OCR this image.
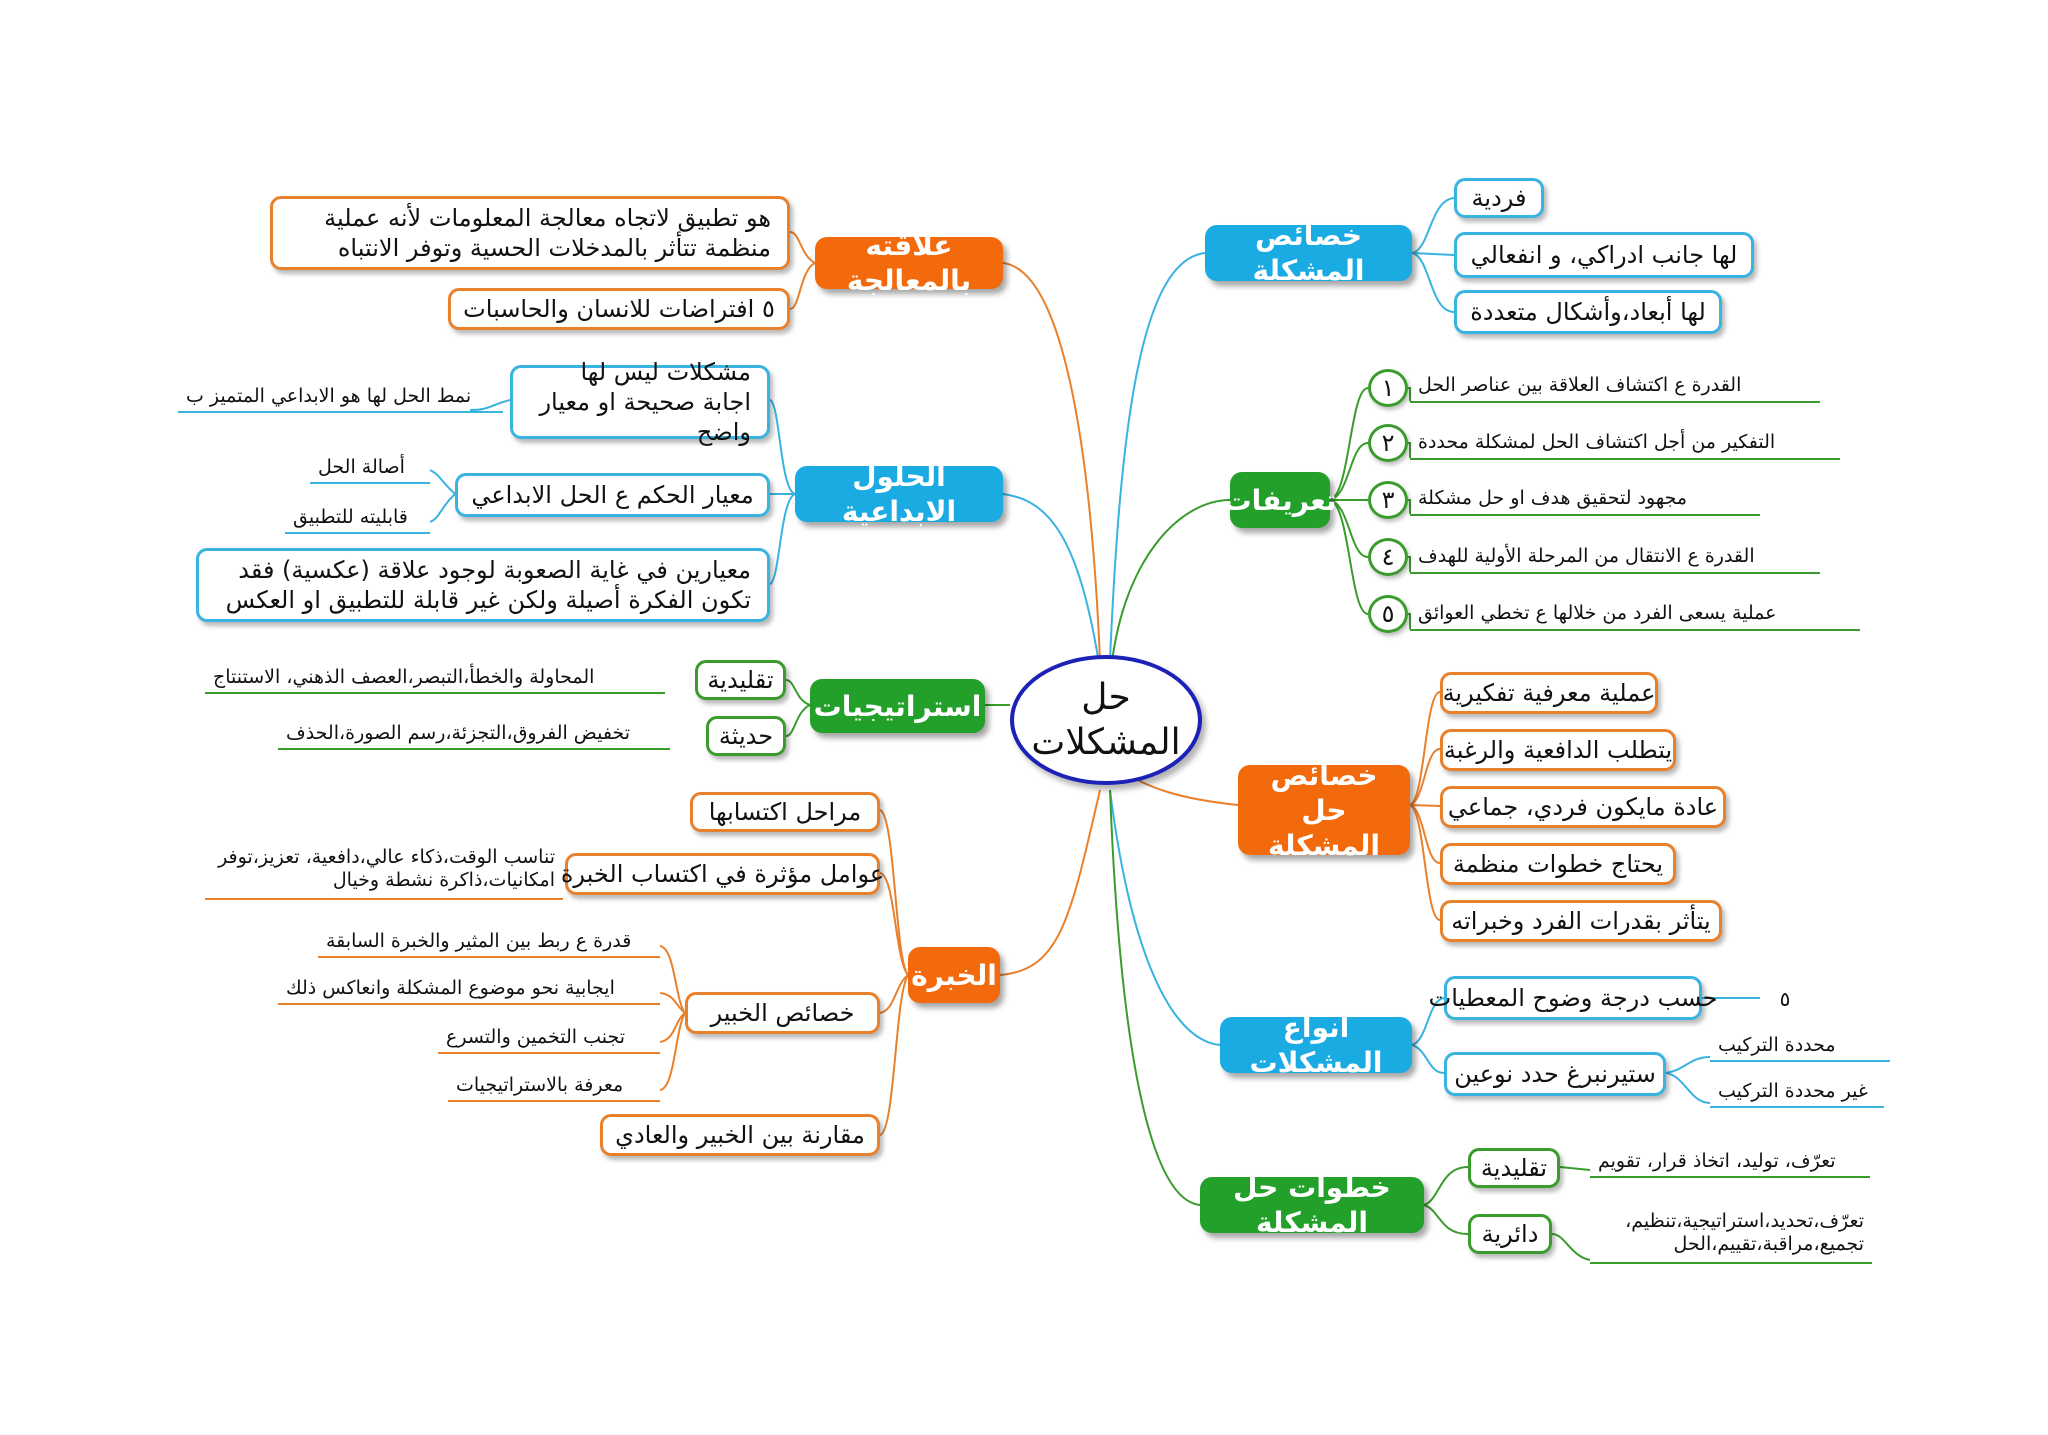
حل المشكلات
خصائص المشكلة
فردية
لها جانب ادراكي، و انفعالي
لها أبعاد،وأشكال متعددة
تعريفات
١	القدرة ع اكتشاف العلاقة بين عناصر الحل
٢	التفكير من أجل اكتشاف الحل لمشكلة محددة
٣	مجهود لتحقيق هدف او حل مشكلة
٤	القدرة ع الانتقال من المرحلة الأولية للهدف
٥	عملية يسعى الفرد من خلالها ع تخطي العوائق
خصائص حل المشكلة
عملية معرفية تفكيرية
يتطلب الدافعية والرغبة
عادة مايكون فردي، جماعي
يحتاج خطوات منظمة
يتأثر بقدرات الفرد وخبراته
أنواع المشكلات
حسب درجة وضوح المعطيات	٥
ستيرنبرغ حدد نوعين
محددة التركيب
غير محددة التركيب
خطوات حل المشكلة
تقليدية	تعرّف، توليد، اتخاذ قرار، تقويم
دائرية	تعرّف،تحديد،استراتيجية،تنظيم، تجميع،مراقبة،تقييم،الحل
علاقته بالمعالجة
هو تطبيق لاتجاه معالجة المعلومات لأنه عملية منظمة تتأثر بالمدخلات الحسية وتوفر الانتباه
٥ افتراضات للانسان والحاسبات
الحلول الابداعية
مشكلات ليس لها اجابة صحيحة او معيار واضح
نمط الحل لها هو الابداعي المتميز ب
معيار الحكم ع الحل الابداعي
أصالة الحل
قابليته للتطبيق
معيارين في غاية الصعوبة لوجود علاقة (عكسية) فقد تكون الفكرة أصيلة ولكن غير قابلة للتطبيق او العكس
استراتيجيات
تقليدية
المحاولة والخطأ،التبصر،العصف الذهني، الاستنتاج
حديثة
تخفيض الفروق،التجزئة،رسم الصورة،الحذف
الخبرة
مراحل اكتسابها
عوامل مؤثرة في اكتساب الخبرة
تناسب الوقت،ذكاء عالي،دافعية، تعزيز،توفر امكانيات،ذاكرة نشطة وخيال
خصائص الخبير
قدرة ع ربط بين المثير والخبرة السابقة
ايجابية نحو موضوع المشكلة وانعاكس ذلك
تجنب التخمين والتسرع
معرفة بالاستراتيجيات
مقارنة بين الخبير والعادي
